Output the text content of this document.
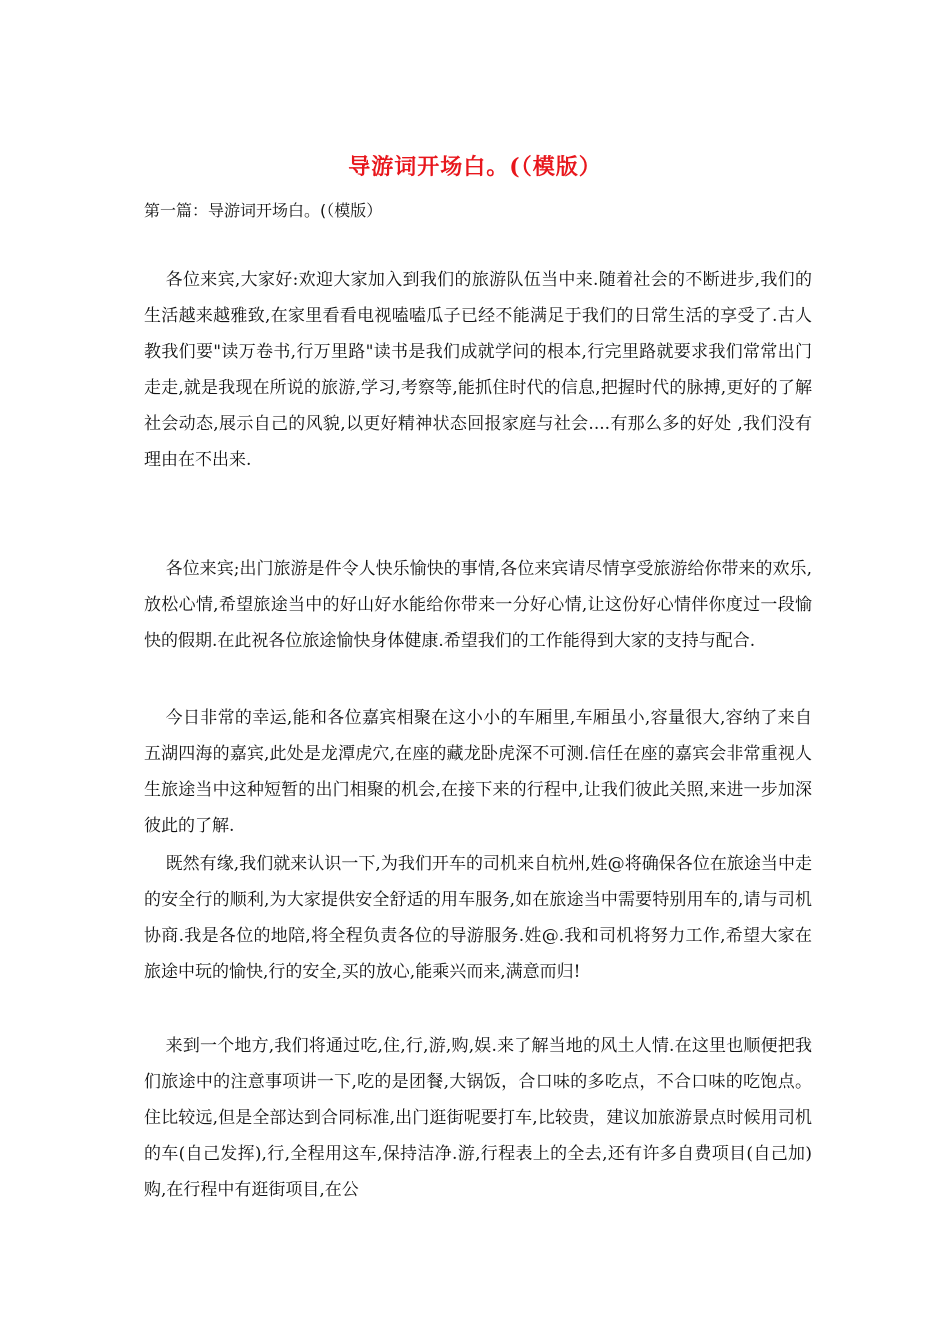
导游词开场白。(（模版）

第一篇：导游词开场白。(（模版）

各位来宾,大家好:欢迎大家加入到我们的旅游队伍当中来.随着社会的不断进步,我们的生活越来越雅致,在家里看看电视嗑嗑瓜子已经不能满足于我们的日常生活的享受了.古人教我们要"读万卷书,行万里路"读书是我们成就学问的根本,行完里路就要求我们常常出门走走,就是我现在所说的旅游,学习,考察等,能抓住时代的信息,把握时代的脉搏,更好的了解社会动态,展示自己的风貌,以更好精神状态回报家庭与社会....有那么多的好处 ,我们没有理由在不出来.

各位来宾;出门旅游是件令人快乐愉快的事情,各位来宾请尽情享受旅游给你带来的欢乐,放松心情,希望旅途当中的好山好水能给你带来一分好心情,让这份好心情伴你度过一段愉快的假期.在此祝各位旅途愉快身体健康.希望我们的工作能得到大家的支持与配合.

今日非常的幸运,能和各位嘉宾相聚在这小小的车厢里,车厢虽小,容量很大,容纳了来自五湖四海的嘉宾,此处是龙潭虎穴,在座的藏龙卧虎深不可测.信任在座的嘉宾会非常重视人生旅途当中这种短暂的出门相聚的机会,在接下来的行程中,让我们彼此关照,来进一步加深彼此的了解.

既然有缘,我们就来认识一下,为我们开车的司机来自杭州,姓@将确保各位在旅途当中走的安全行的顺利,为大家提供安全舒适的用车服务,如在旅途当中需要特别用车的,请与司机协商.我是各位的地陪,将全程负责各位的导游服务.姓@.我和司机将努力工作,希望大家在旅途中玩的愉快,行的安全,买的放心,能乘兴而来,满意而归!

来到一个地方,我们将通过吃,住,行,游,购,娱.来了解当地的风土人情.在这里也顺便把我们旅途中的注意事项讲一下,吃的是团餐,大锅饭，合口味的多吃点，不合口味的吃饱点。住比较远,但是全部达到合同标准,出门逛街呢要打车,比较贵，建议加旅游景点时候用司机的车(自己发挥),行,全程用这车,保持洁净.游,行程表上的全去,还有许多自费项目(自己加) 购,在行程中有逛街项目,在公
